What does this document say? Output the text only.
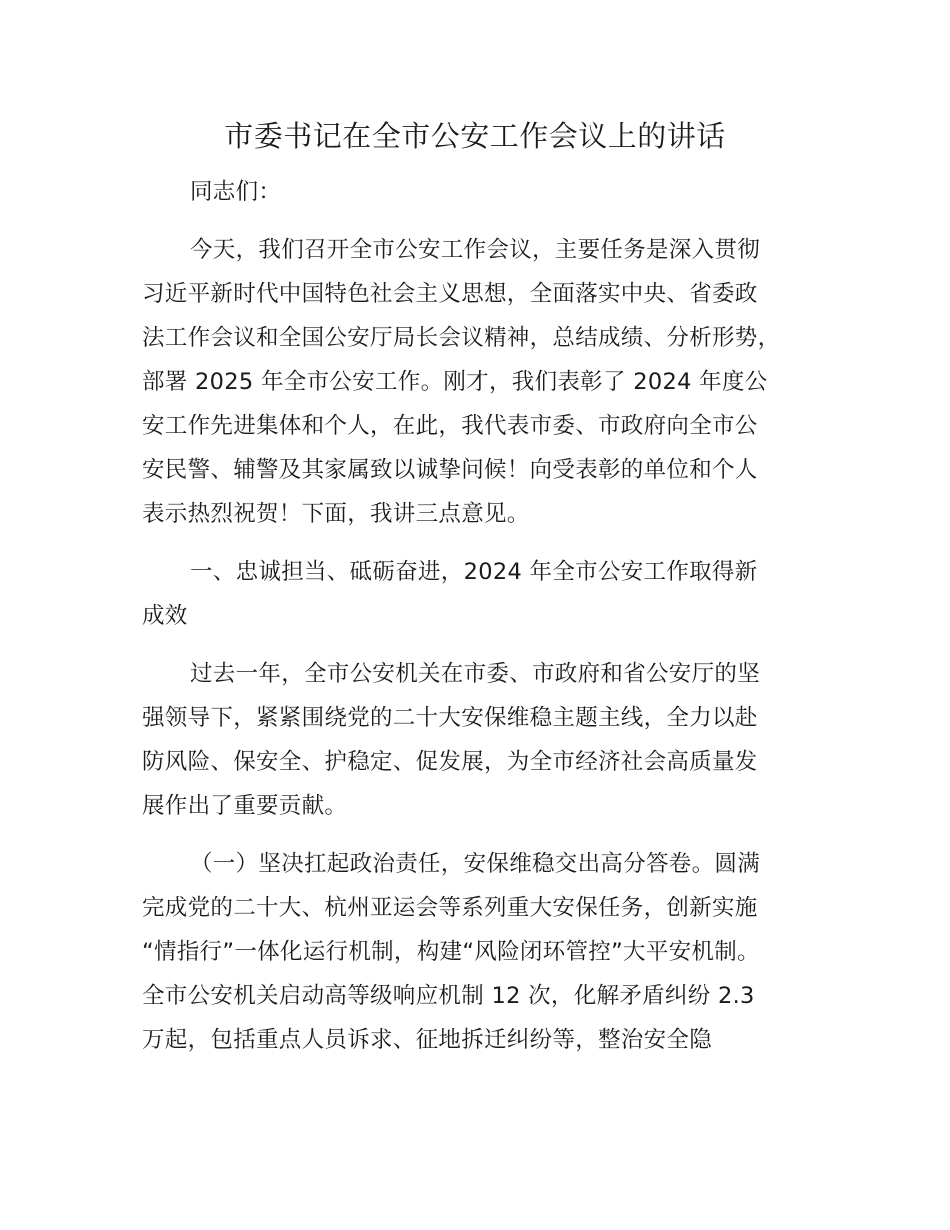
市委书记在全市公安工作会议上的讲话
同志们：
今天，我们召开全市公安工作会议，主要任务是深入贯彻
习近平新时代中国特色社会主义思想，全面落实中央、省委政
法工作会议和全国公安厅局长会议精神，总结成绩、分析形势，
部署 2025 年全市公安工作。刚才，我们表彰了 2024 年度公
安工作先进集体和个人，在此，我代表市委、市政府向全市公
安民警、辅警及其家属致以诚挚问候！向受表彰的单位和个人
表示热烈祝贺！下面，我讲三点意见。
一、忠诚担当、砥砺奋进，2024 年全市公安工作取得新
成效
过去一年，全市公安机关在市委、市政府和省公安厅的坚
强领导下，紧紧围绕党的二十大安保维稳主题主线，全力以赴
防风险、保安全、护稳定、促发展，为全市经济社会高质量发
展作出了重要贡献。
（一）坚决扛起政治责任，安保维稳交出高分答卷。圆满
完成党的二十大、杭州亚运会等系列重大安保任务，创新实施
“情指行”一体化运行机制，构建“风险闭环管控”大平安机制。
全市公安机关启动高等级响应机制 12 次，化解矛盾纠纷 2.3
万起，包括重点人员诉求、征地拆迁纠纷等，整治安全隐
